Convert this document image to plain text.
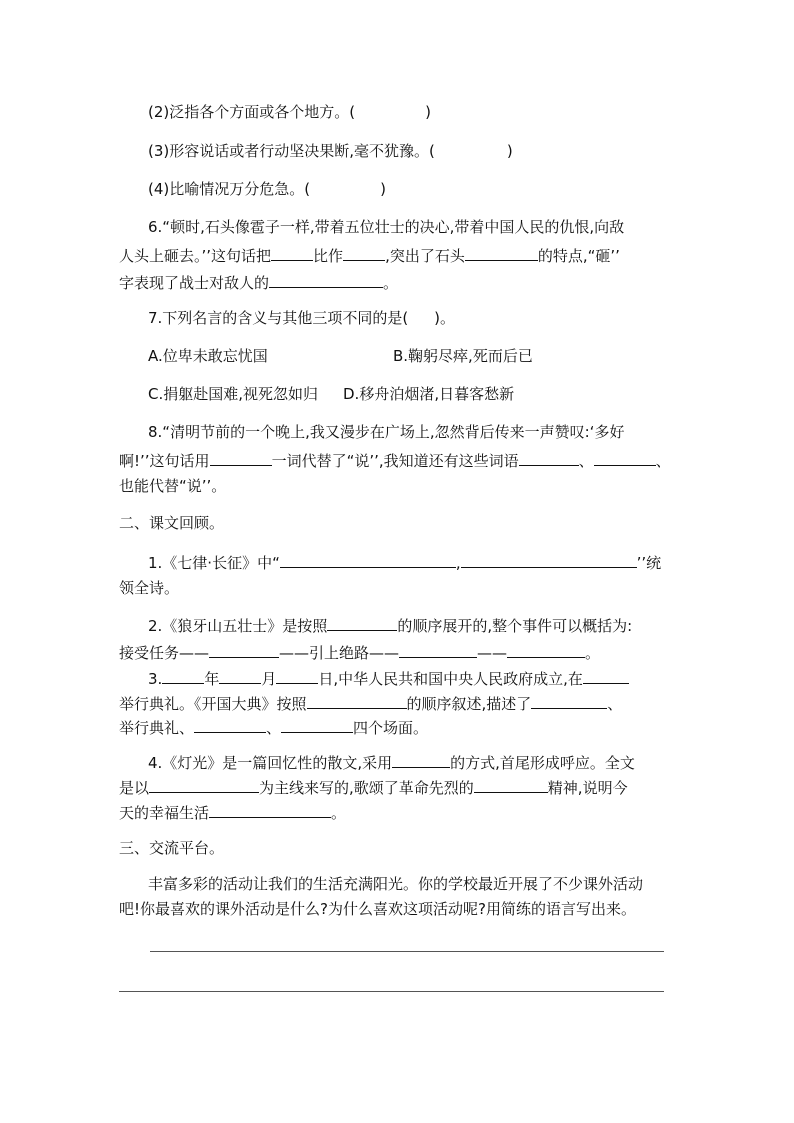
(2)泛指各个方面或各个地方。(	)
(3)形容说话或者行动坚决果断,毫不犹豫。(	)
(4)比喻情况万分危急。(	)
6.“顿时,石头像雹子一样,带着五位壮士的决心,带着中国人民的仇恨,向敌
人头上砸去。’’这句话把	比作	,突出了石头	的特点,“砸’’
字表现了战士对敌人的	。
7.下列名言的含义与其他三项不同的是( )。
A.位卑未敢忘忧国	B.鞠躬尽瘁,死而后已
C.捐躯赴国难,视死忽如归 D.移舟泊烟渚,日暮客愁新
8.“清明节前的一个晚上,我又漫步在广场上,忽然背后传来一声赞叹:‘多好
啊!’’这句话用	一词代替了“说’’,我知道还有这些词语	、	、
也能代替“说’’。
二、课文回顾。
1.《七律·长征》中“	,	’’统
领全诗。
2.《狼牙山五壮士》是按照	的顺序展开的,整个事件可以概括为:
接受任务——	——引上绝路——	——	。
3.	年	月	日,中华人民共和国中央人民政府成立,在
举行典礼。《开国大典》按照	的顺序叙述,描述了	、
举行典礼、	、	四个场面。
4.《灯光》是一篇回忆性的散文,采用	的方式,首尾形成呼应。全文
是以	为主线来写的,歌颂了革命先烈的	精神,说明今
天的幸福生活	。
三、交流平台。
丰富多彩的活动让我们的生活充满阳光。你的学校最近开展了不少课外活动
吧!你最喜欢的课外活动是什么?为什么喜欢这项活动呢?用简练的语言写出来。
